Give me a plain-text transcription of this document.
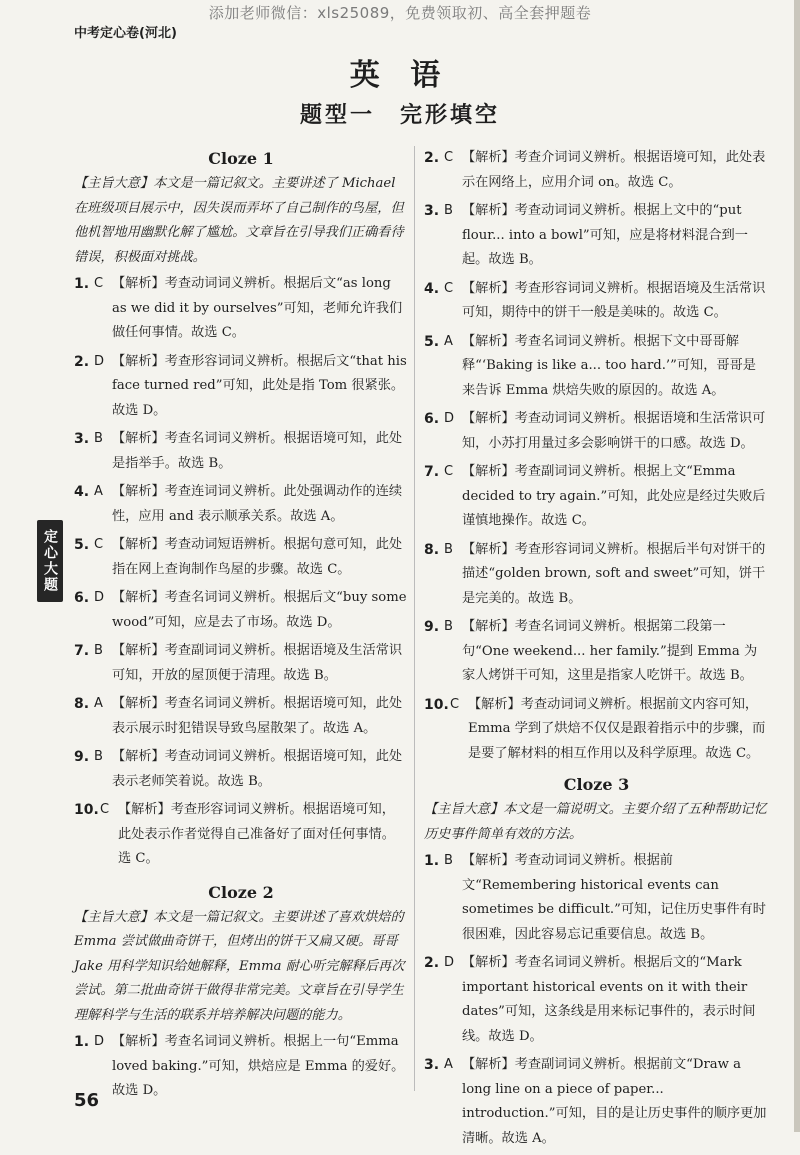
添加老师微信：xls25089，免费领取初、高全套押题卷
中考定心卷(河北)
英 语
题型一　完形填空
定心大题
Cloze 1
【主旨大意】本文是一篇记叙文。主要讲述了 Michael 在班级项目展示中，因失误而弄坏了自己制作的鸟屋，但他机智地用幽默化解了尴尬。文章旨在引导我们正确看待错误，积极面对挑战。
1. C 【解析】考查动词词义辨析。根据后文“as long as we did it by ourselves”可知，老师允许我们做任何事情。故选 C。
2. D 【解析】考查形容词词义辨析。根据后文“that his face turned red”可知，此处是指 Tom 很紧张。故选 D。
3. B 【解析】考查名词词义辨析。根据语境可知，此处是指举手。故选 B。
4. A 【解析】考查连词词义辨析。此处强调动作的连续性，应用 and 表示顺承关系。故选 A。
5. C 【解析】考查动词短语辨析。根据句意可知，此处指在网上查询制作鸟屋的步骤。故选 C。
6. D 【解析】考查名词词义辨析。根据后文“buy some wood”可知，应是去了市场。故选 D。
7. B 【解析】考查副词词义辨析。根据语境及生活常识可知，开放的屋顶便于清理。故选 B。
8. A 【解析】考查名词词义辨析。根据语境可知，此处表示展示时犯错误导致鸟屋散架了。故选 A。
9. B 【解析】考查动词词义辨析。根据语境可知，此处表示老师笑着说。故选 B。
10. C 【解析】考查形容词词义辨析。根据语境可知，此处表示作者觉得自己准备好了面对任何事情。选 C。
Cloze 2
【主旨大意】本文是一篇记叙文。主要讲述了喜欢烘焙的 Emma 尝试做曲奇饼干，但烤出的饼干又扁又硬。哥哥 Jake 用科学知识给她解释，Emma 耐心听完解释后再次尝试。第二批曲奇饼干做得非常完美。文章旨在引导学生理解科学与生活的联系并培养解决问题的能力。
1. D 【解析】考查名词词义辨析。根据上一句“Emma loved baking.”可知，烘焙应是 Emma 的爱好。故选 D。
2. C 【解析】考查介词词义辨析。根据语境可知，此处表示在网络上，应用介词 on。故选 C。
3. B 【解析】考查动词词义辨析。根据上文中的“put flour... into a bowl”可知，应是将材料混合到一起。故选 B。
4. C 【解析】考查形容词词义辨析。根据语境及生活常识可知，期待中的饼干一般是美味的。故选 C。
5. A 【解析】考查名词词义辨析。根据下文中哥哥解释“‘Baking is like a... too hard.’”可知，哥哥是来告诉 Emma 烘焙失败的原因的。故选 A。
6. D 【解析】考查动词词义辨析。根据语境和生活常识可知，小苏打用量过多会影响饼干的口感。故选 D。
7. C 【解析】考查副词词义辨析。根据上文“Emma decided to try again.”可知，此处应是经过失败后谨慎地操作。故选 C。
8. B 【解析】考查形容词词义辨析。根据后半句对饼干的描述“golden brown, soft and sweet”可知，饼干是完美的。故选 B。
9. B 【解析】考查名词词义辨析。根据第二段第一句“One weekend... her family.”提到 Emma 为家人烤饼干可知，这里是指家人吃饼干。故选 B。
10. C 【解析】考查动词词义辨析。根据前文内容可知，Emma 学到了烘焙不仅仅是跟着指示中的步骤，而是要了解材料的相互作用以及科学原理。故选 C。
Cloze 3
【主旨大意】本文是一篇说明文。主要介绍了五种帮助记忆历史事件简单有效的方法。
1. B 【解析】考查动词词义辨析。根据前文“Remembering historical events can sometimes be difficult.”可知，记住历史事件有时很困难，因此容易忘记重要信息。故选 B。
2. D 【解析】考查名词词义辨析。根据后文的“Mark important historical events on it with their dates”可知，这条线是用来标记事件的，表示时间线。故选 D。
3. A 【解析】考查副词词义辨析。根据前文“Draw a long line on a piece of paper... introduction.”可知，目的是让历史事件的顺序更加清晰。故选 A。
56
